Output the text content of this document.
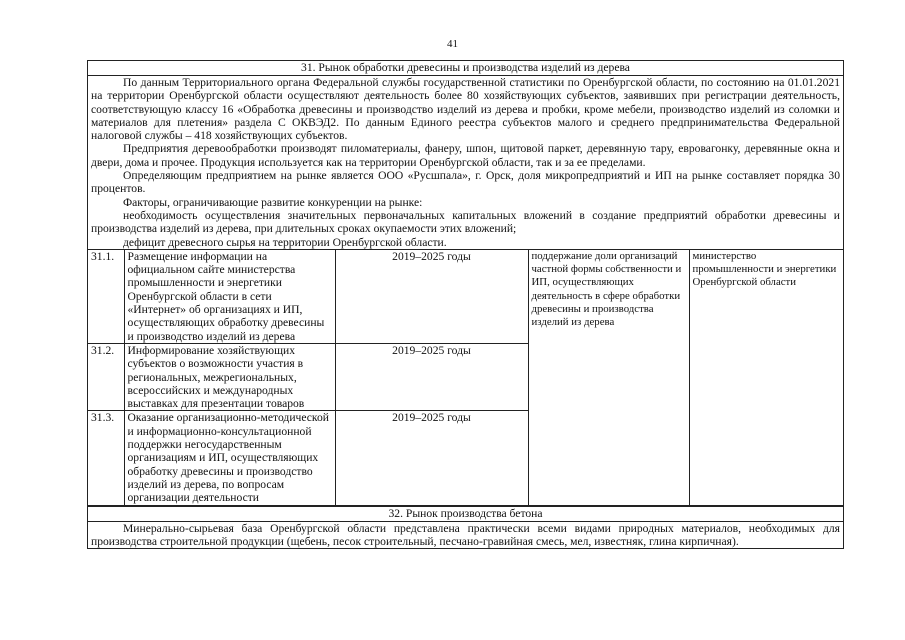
41
31. Рынок обработки древесины и производства изделий из дерева

По данным Территориального органа Федеральной службы государственной статистики по Оренбургской области, по состоянию на 01.01.2021 на территории Оренбургской области осуществляют деятельность более 80 хозяйствующих субъектов, заявивших при регистрации деятельность, соответствующую классу 16 «Обработка древесины и производство изделий из дерева и пробки, кроме мебели, производство изделий из соломки и материалов для плетения» раздела С ОКВЭД2. По данным Единого реестра субъектов малого и среднего предпринимательства Федеральной налоговой службы – 418 хозяйствующих субъектов.

Предприятия деревообработки производят пиломатериалы, фанеру, шпон, щитовой паркет, деревянную тару, евровагонку, деревянные окна и двери, дома и прочее. Продукция используется как на территории Оренбургской области, так и за ее пределами.

Определяющим предприятием на рынке является ООО «Русшпала», г. Орск, доля микропредприятий и ИП на рынке составляет порядка 30 процентов.

Факторы, ограничивающие развитие конкуренции на рынке:

необходимость осуществления значительных первоначальных капитальных вложений в создание предприятий обработки древесины и производства изделий из дерева, при длительных сроках окупаемости этих вложений;

дефицит древесного сырья на территории Оренбургской области.

31.1.	Размещение информации на официальном сайте министерства промышленности и энергетики Оренбургской области в сети «Интернет» об организациях и ИП, осуществляющих обработку древесины и производство изделий из дерева	2019–2025 годы	поддержание доли организаций частной формы собственности и ИП, осуществляющих деятельность в сфере обработки древесины и производства изделий из дерева	министерство промышленности и энергетики Оренбургской области
31.2.	Информирование хозяйствующих субъектов о возможности участия в региональных, межрегиональных, всероссийских и международных выставках для презентации товаров	2019–2025 годы		
31.3.	Оказание организационно-методической и информационно-консультационной поддержки негосударственным организациям и ИП, осуществляющих обработку древесины и производство изделий из дерева, по вопросам организации деятельности	2019–2025 годы		
32. Рынок производства бетона

Минерально-сырьевая база Оренбургской области представлена практически всеми видами природных материалов, необходимых для производства строительной продукции (щебень, песок строительный, песчано-гравийная смесь, мел, известняк, глина кирпичная).
